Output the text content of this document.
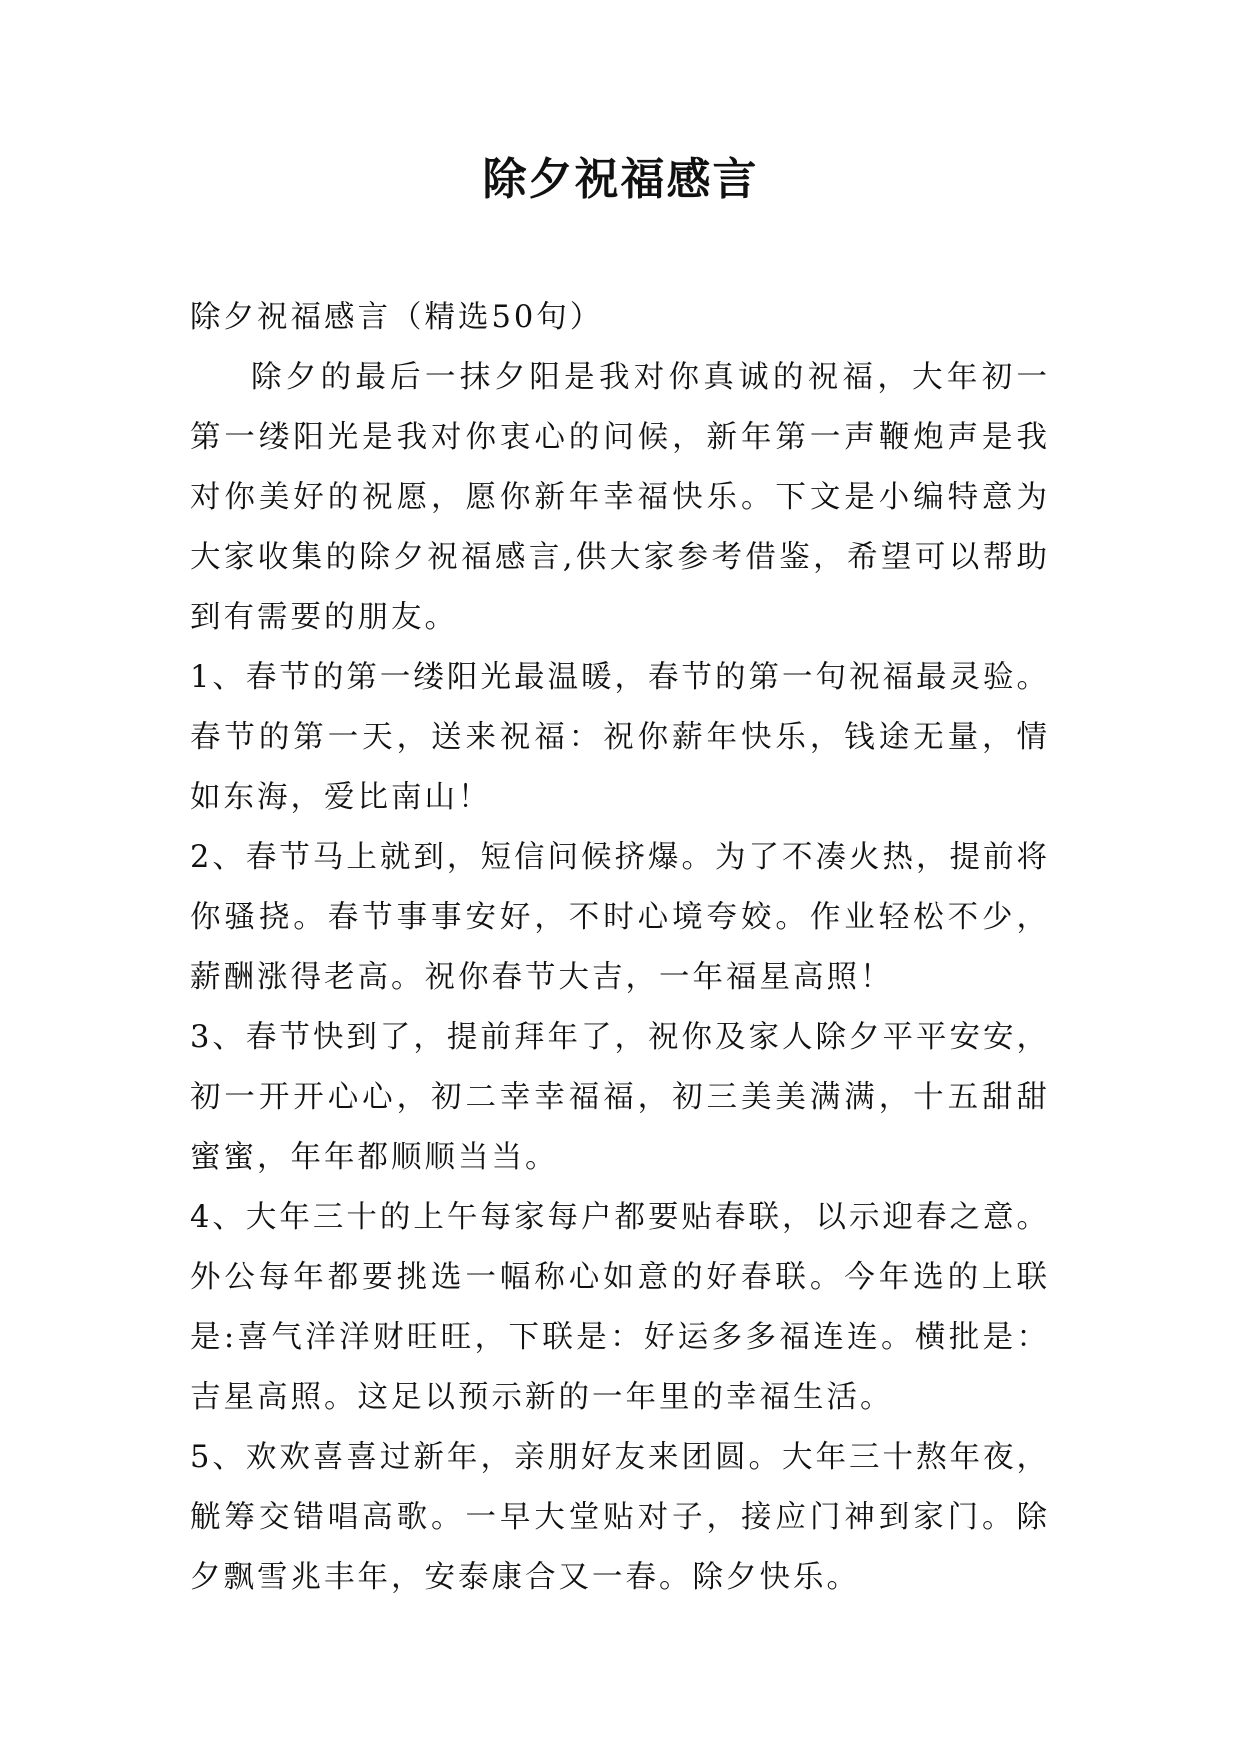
除夕祝福感言

除夕祝福感言（精选50句）

除夕的最后一抹夕阳是我对你真诚的祝福，大年初一第一缕阳光是我对你衷心的问候，新年第一声鞭炮声是我对你美好的祝愿，愿你新年幸福快乐。下文是小编特意为大家收集的除夕祝福感言,供大家参考借鉴，希望可以帮助到有需要的朋友。

1、春节的第一缕阳光最温暖，春节的第一句祝福最灵验。春节的第一天，送来祝福：祝你薪年快乐，钱途无量，情如东海，爱比南山！

2、春节马上就到，短信问候挤爆。为了不凑火热，提前将你骚挠。春节事事安好，不时心境夸姣。作业轻松不少，薪酬涨得老高。祝你春节大吉，一年福星高照！

3、春节快到了，提前拜年了，祝你及家人除夕平平安安，初一开开心心，初二幸幸福福，初三美美满满，十五甜甜蜜蜜，年年都顺顺当当。

4、大年三十的上午每家每户都要贴春联，以示迎春之意。外公每年都要挑选一幅称心如意的好春联。今年选的上联是:喜气洋洋财旺旺，下联是：好运多多福连连。横批是：吉星高照。这足以预示新的一年里的幸福生活。

5、欢欢喜喜过新年，亲朋好友来团圆。大年三十熬年夜，觥筹交错唱高歌。一早大堂贴对子，接应门神到家门。除夕飘雪兆丰年，安泰康合又一春。除夕快乐。
